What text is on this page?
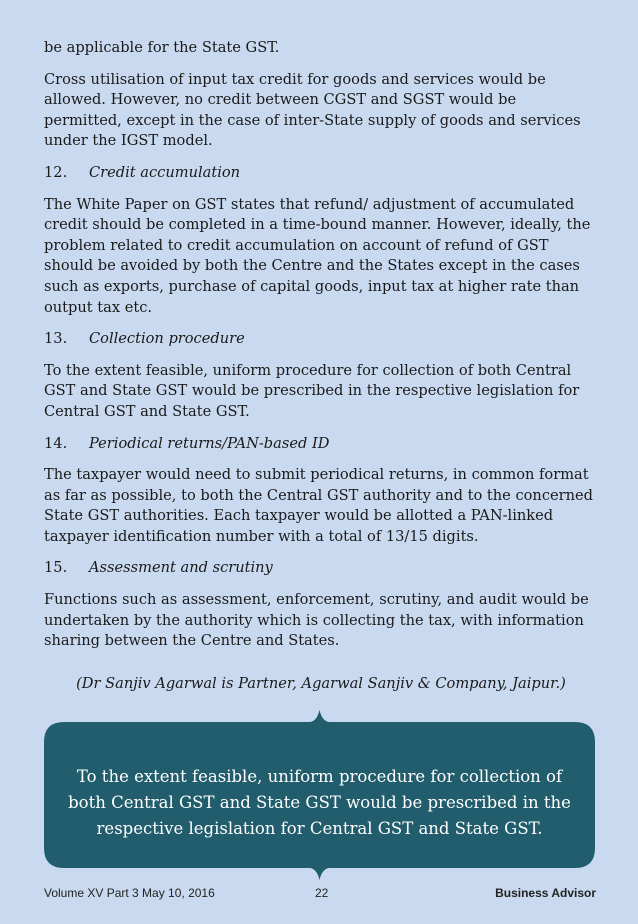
be applicable for the State GST.

Cross utilisation of input tax credit for goods and services would be allowed. However, no credit between CGST and SGST would be permitted, except in the case of inter-State supply of goods and services under the IGST model.

12.	Credit accumulation

The White Paper on GST states that refund/ adjustment of accumulated credit should be completed in a time-bound manner. However, ideally, the problem related to credit accumulation on account of refund of GST should be avoided by both the Centre and the States except in the cases such as exports, purchase of capital goods, input tax at higher rate than output tax etc.

13.	Collection procedure

To the extent feasible, uniform procedure for collection of both Central GST and State GST would be prescribed in the respective legislation for Central GST and State GST.

14.	Periodical returns/PAN-based ID

The taxpayer would need to submit periodical returns, in common format as far as possible, to both the Central GST authority and to the concerned State GST authorities. Each taxpayer would be allotted a PAN-linked taxpayer identification number with a total of 13/15 digits.

15.	Assessment and scrutiny

Functions such as assessment, enforcement, scrutiny, and audit would be undertaken by the authority which is collecting the tax, with information sharing between the Centre and States.

(Dr Sanjiv Agarwal is Partner, Agarwal Sanjiv & Company, Jaipur.)

To the extent feasible, uniform procedure for collection of
both Central GST and State GST would be prescribed in the
respective legislation for Central GST and State GST.
Volume XV Part 3 May 10, 2016	22	Business Advisor
